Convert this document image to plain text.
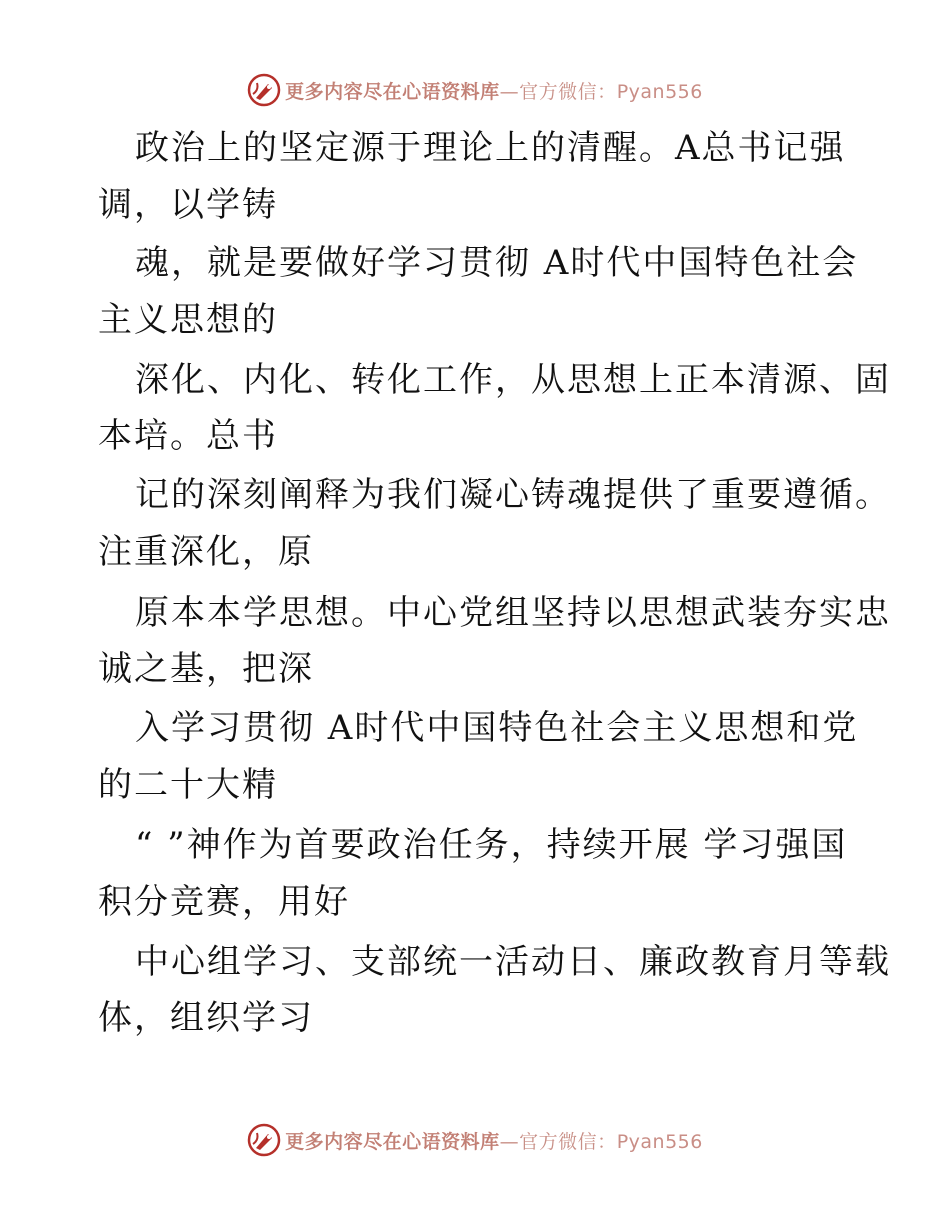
更多内容尽在心语资料库—官方微信：Pyan556
政治上的坚定源于理论上的清醒。A总书记强
调，以学铸
魂，就是要做好学习贯彻 A时代中国特色社会
主义思想的
深化、内化、转化工作，从思想上正本清源、固
本培。总书
记的深刻阐释为我们凝心铸魂提供了重要遵循。
注重深化，原
原本本学思想。中心党组坚持以思想武装夯实忠
诚之基，把深
入学习贯彻 A时代中国特色社会主义思想和党
的二十大精
“ ”神作为首要政治任务，持续开展 学习强国
积分竞赛，用好
中心组学习、支部统一活动日、廉政教育月等载
体，组织学习
更多内容尽在心语资料库—官方微信：Pyan556
